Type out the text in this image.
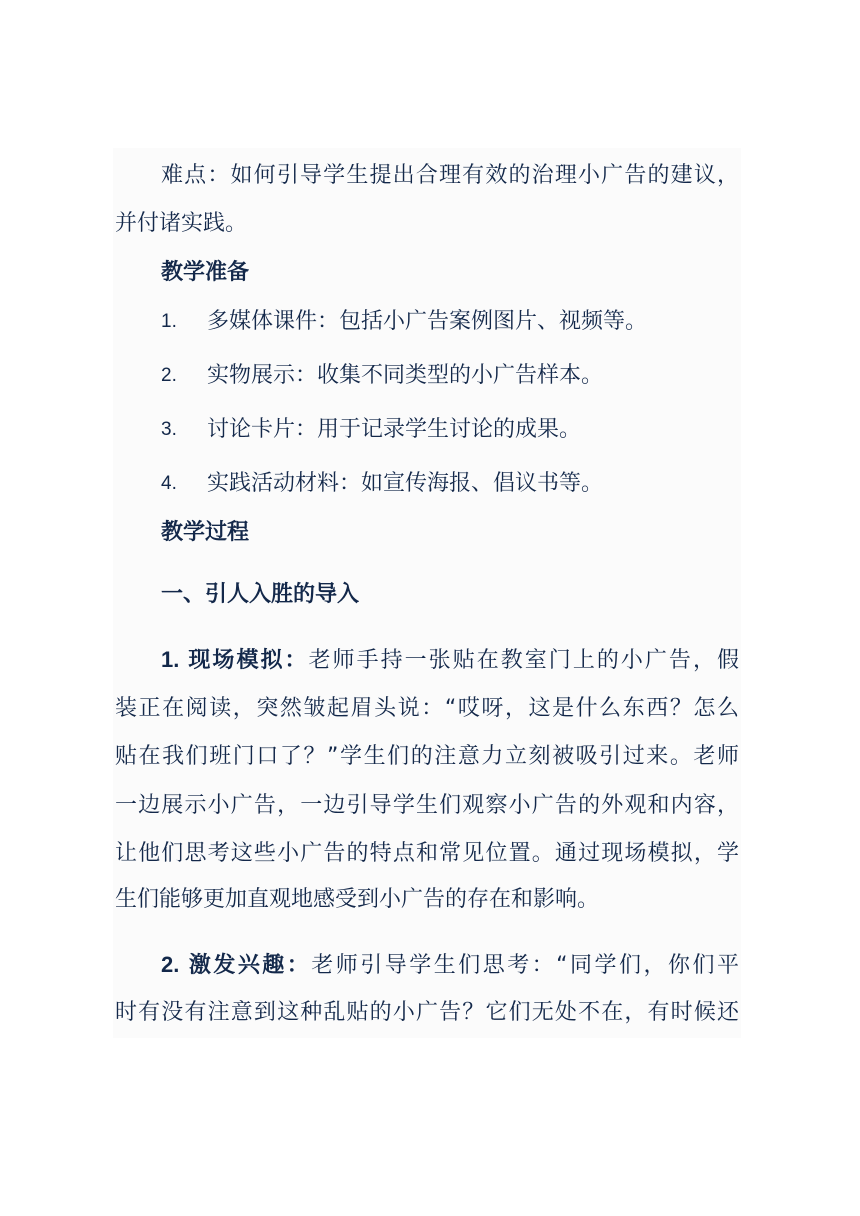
难点：如何引导学生提出合理有效的治理小广告的建议，
并付诸实践。
教学准备
1. 多媒体课件：包括小广告案例图片、视频等。
2. 实物展示：收集不同类型的小广告样本。
3. 讨论卡片：用于记录学生讨论的成果。
4. 实践活动材料：如宣传海报、倡议书等。
教学过程
一、引人入胜的导入
1. 现场模拟：老师手持一张贴在教室门上的小广告，假
装正在阅读，突然皱起眉头说：“哎呀，这是什么东西？怎么
贴在我们班门口了？”学生们的注意力立刻被吸引过来。老师
一边展示小广告，一边引导学生们观察小广告的外观和内容，
让他们思考这些小广告的特点和常见位置。通过现场模拟，学
生们能够更加直观地感受到小广告的存在和影响。
2. 激发兴趣：老师引导学生们思考：“同学们，你们平
时有没有注意到这种乱贴的小广告？它们无处不在，有时候还
